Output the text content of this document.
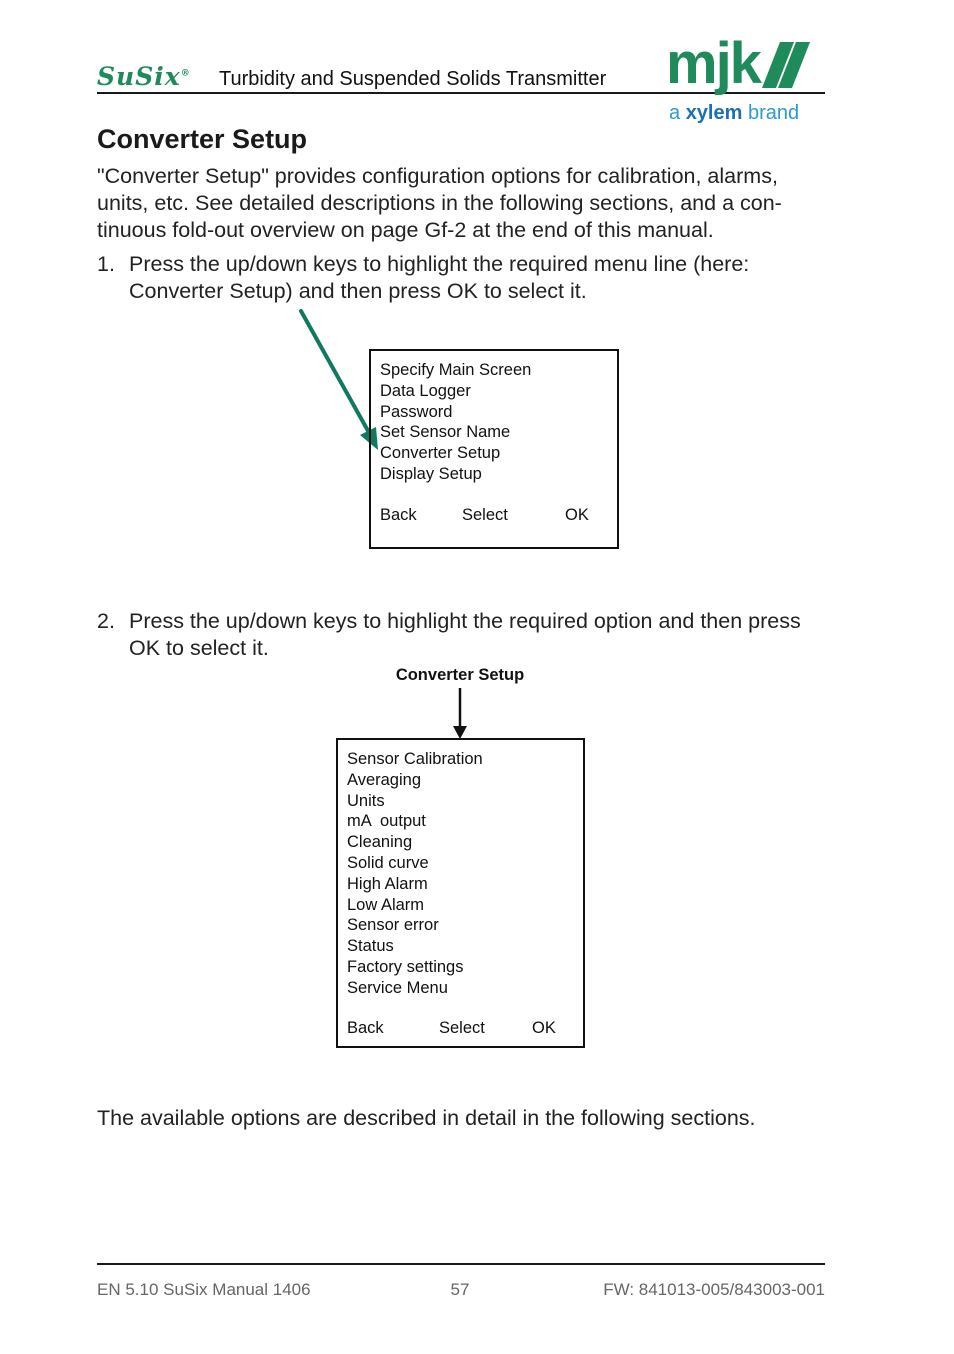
SuSix® Turbidity and Suspended Solids Transmitter mjk
a xylem brand
Converter Setup
"Converter Setup" provides configuration options for calibration, alarms, units, etc. See detailed descriptions in the following sections, and a con-tinuous fold-out overview on page Gf-2 at the end of this manual.
1. Press the up/down keys to highlight the required menu line (here: Converter Setup) and then press OK to select it.
Specify Main Screen
Data Logger
Password
Set Sensor Name
Converter Setup
Display Setup
Back	Select	OK
2. Press the up/down keys to highlight the required option and then press OK to select it.
Converter Setup
Sensor Calibration
Averaging
Units
mA  output
Cleaning
Solid curve
High Alarm
Low Alarm
Sensor error
Status
Factory settings
Service Menu
Back	Select	OK
The available options are described in detail in the following sections.
EN 5.10 SuSix Manual 1406	57	FW: 841013-005/843003-001
